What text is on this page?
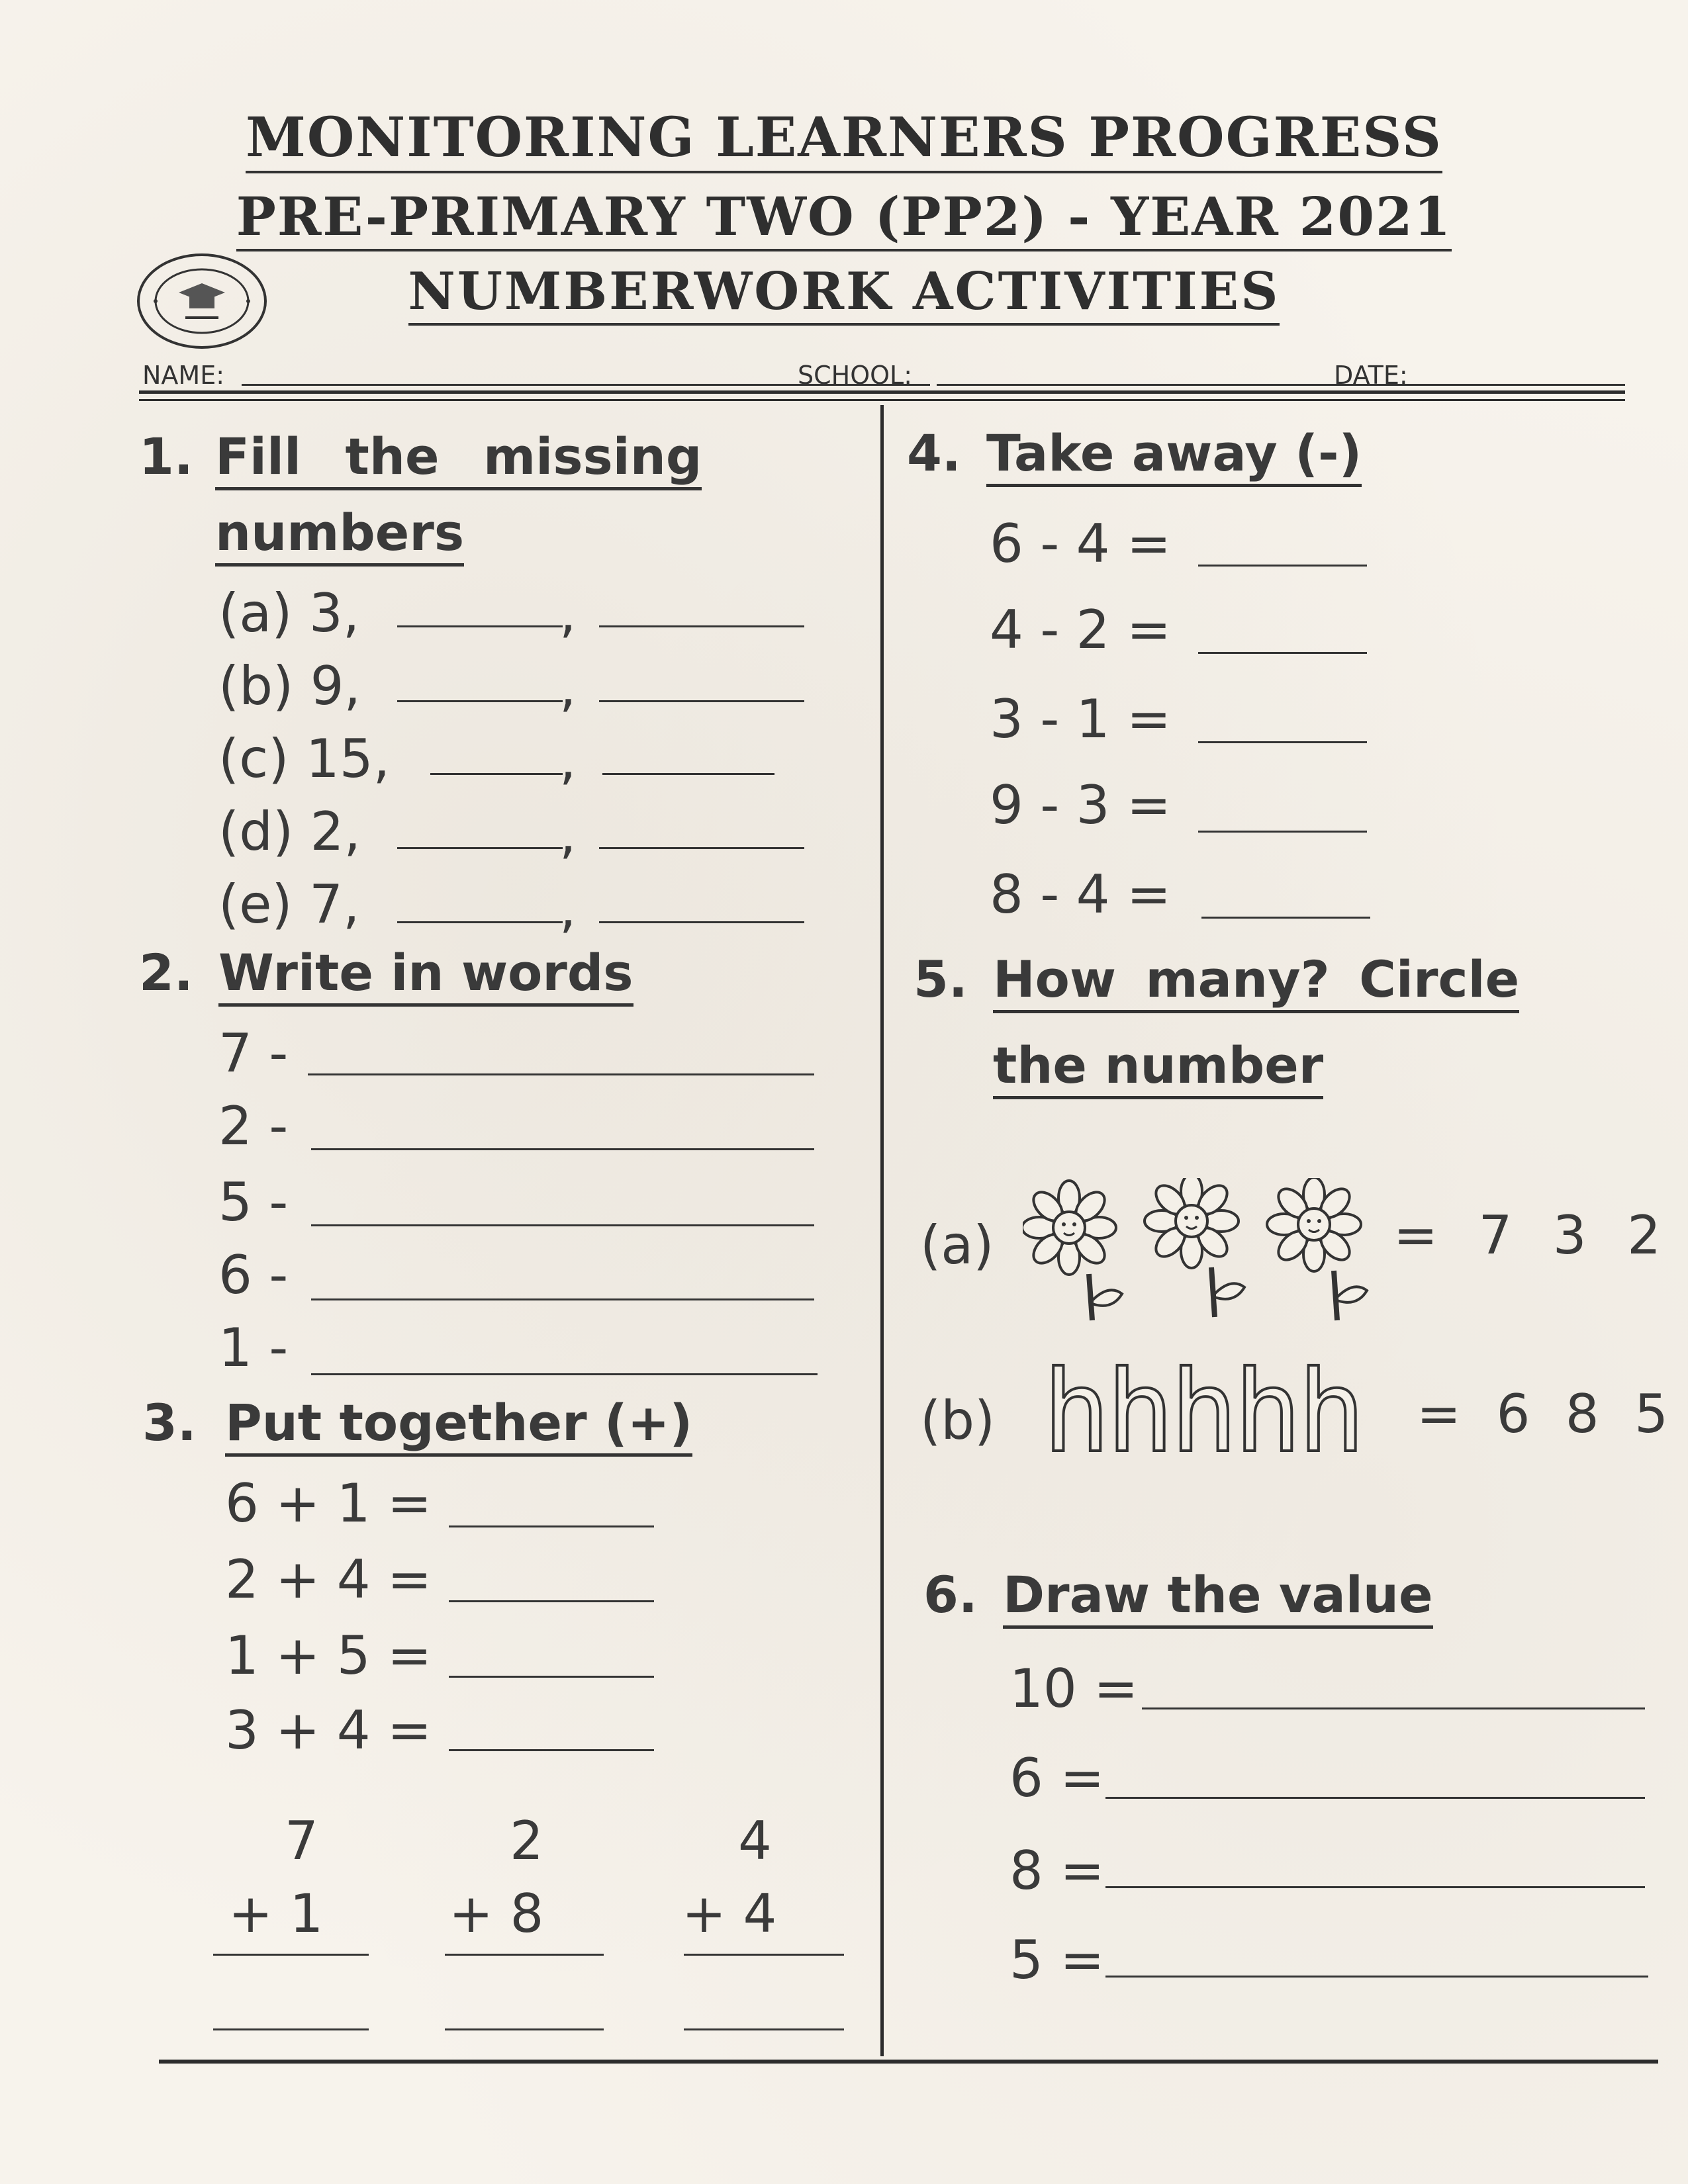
MONITORING LEARNERS PROGRESS
PRE-PRIMARY TWO (PP2) - YEAR 2021
NUMBERWORK ACTIVITIES
NAME:	SCHOOL:	DATE:
1. Fill the missing
numbers
(a) 3,	,
(b) 9,	,
(c) 15,	,
(d) 2,	,
(e) 7,	,
2. Write in words
7 -
2 -
5 -
6 -
1 -
3. Put together (+)
6 + 1 =
2 + 4 =
1 + 5 =
3 + 4 =
7
+ 1
2
+ 8
4
+ 4
4. Take away (-)
6 - 4 =
4 - 2 =
3 - 1 =
9 - 3 =
8 - 4 =
5. How many? Circle
the number
(a)	= 7 3 2
(b) hhhhh = 6 8 5
6. Draw the value
10 =
6 =
8 =
5 =
